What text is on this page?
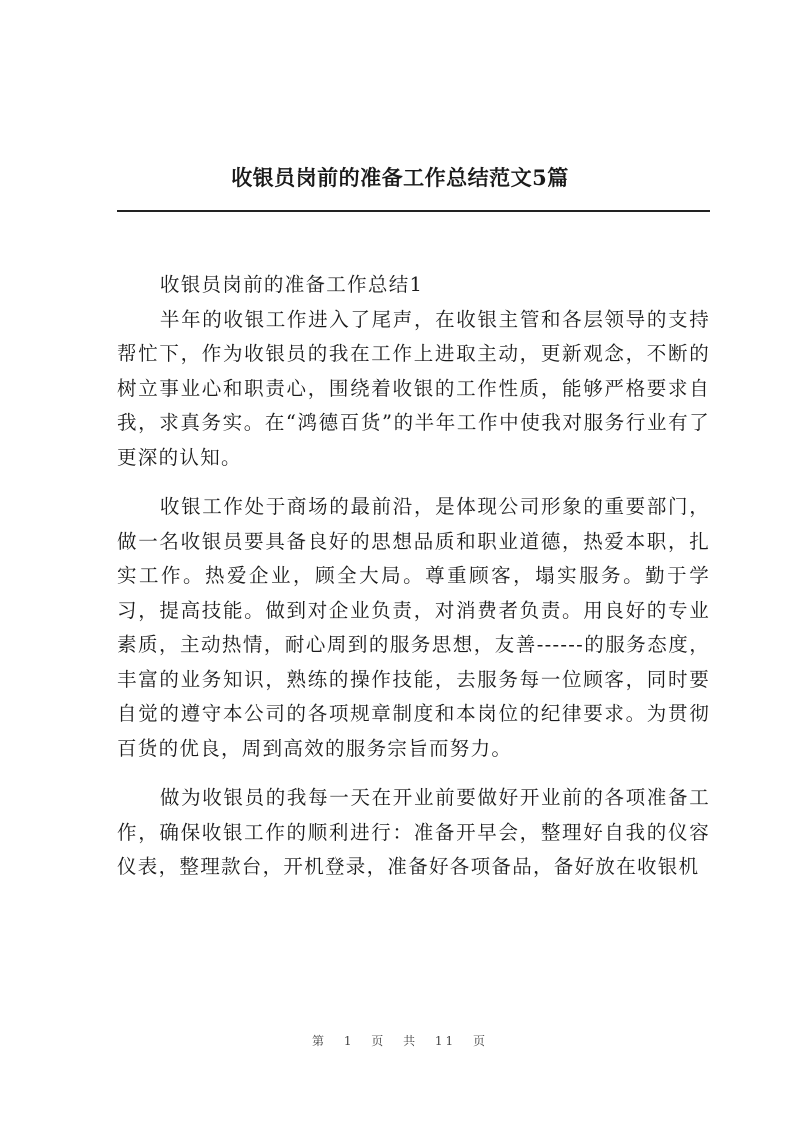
收银员岗前的准备工作总结范文5篇

收银员岗前的准备工作总结1

半年的收银工作进入了尾声，在收银主管和各层领导的支持帮忙下，作为收银员的我在工作上进取主动，更新观念，不断的树立事业心和职责心，围绕着收银的工作性质，能够严格要求自我，求真务实。在“鸿德百货”的半年工作中使我对服务行业有了更深的认知。

收银工作处于商场的最前沿，是体现公司形象的重要部门，做一名收银员要具备良好的思想品质和职业道德，热爱本职，扎实工作。热爱企业，顾全大局。尊重顾客，塌实服务。勤于学习，提高技能。做到对企业负责，对消费者负责。用良好的专业素质，主动热情，耐心周到的服务思想，友善------的服务态度，丰富的业务知识，熟练的操作技能，去服务每一位顾客，同时要自觉的遵守本公司的各项规章制度和本岗位的纪律要求。为贯彻百货的优良，周到高效的服务宗旨而努力。

做为收银员的我每一天在开业前要做好开业前的各项准备工作，确保收银工作的顺利进行：准备开早会，整理好自我的仪容仪表，整理款台，开机登录，准备好各项备品，备好放在收银机

第 1 页 共 11 页
